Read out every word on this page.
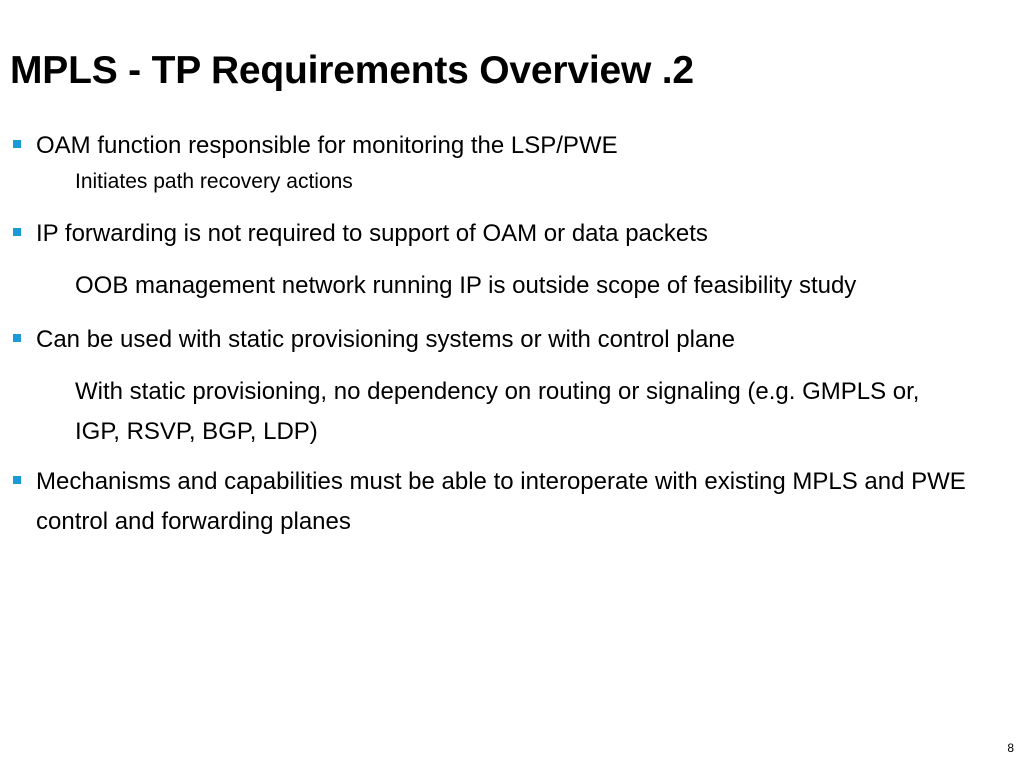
MPLS - TP Requirements Overview .2
OAM function responsible for monitoring the LSP/PWE
Initiates path recovery actions
IP forwarding is not required to support of OAM or data packets
OOB management network running IP is outside scope of feasibility study
Can be used with static provisioning systems or with control plane
With static provisioning, no dependency on routing or signaling (e.g. GMPLS or, IGP, RSVP, BGP, LDP)
Mechanisms and capabilities must be able to interoperate with existing MPLS and PWE control and forwarding planes
8
